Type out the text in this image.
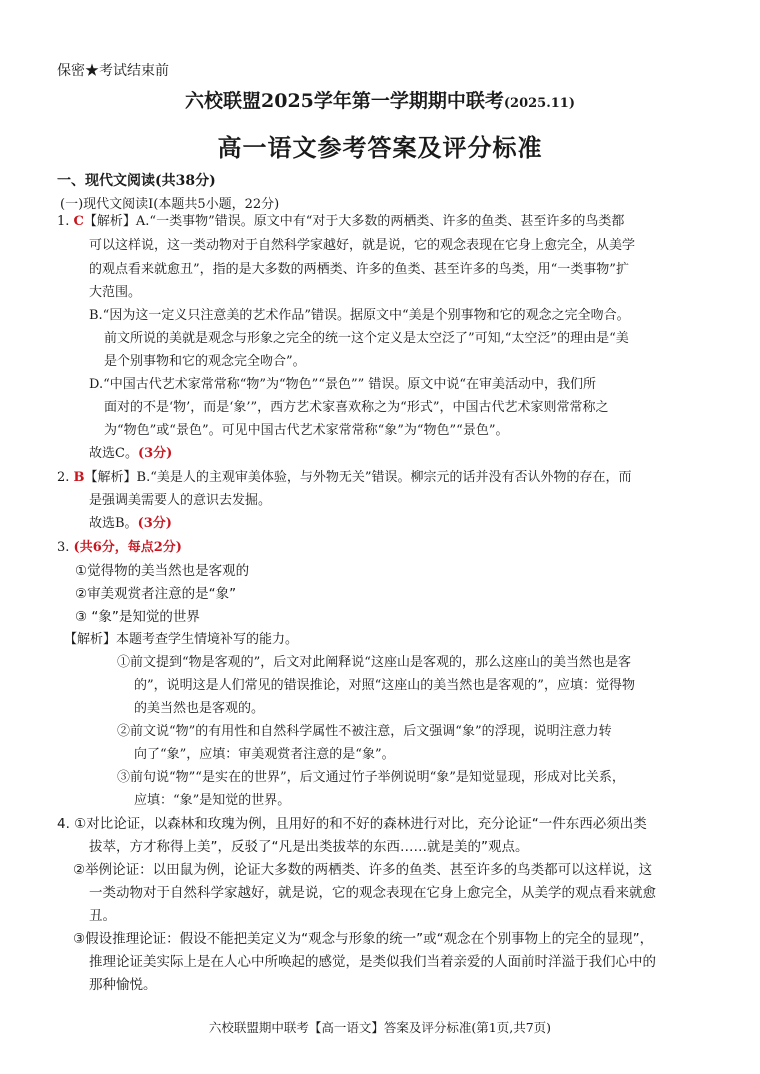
保密★考试结束前
六校联盟2025学年第一学期期中联考(2025.11)
高一语文参考答案及评分标准
一、现代文阅读(共38分)
(一)现代文阅读Ⅰ(本题共5小题，22分)
1. C【解析】A.“一类事物”错误。原文中有“对于大多数的两栖类、许多的鱼类、甚至许多的鸟类都
可以这样说，这一类动物对于自然科学家越好，就是说，它的观念表现在它身上愈完全，从美学
的观点看来就愈丑”，指的是大多数的两栖类、许多的鱼类、甚至许多的鸟类，用“一类事物”扩
大范围。
B.“因为这一定义只注意美的艺术作品”错误。据原文中“美是个别事物和它的观念之完全吻合。
前文所说的美就是观念与形象之完全的统一这个定义是太空泛了”可知,“太空泛”的理由是“美
是个别事物和它的观念完全吻合”。
D.“中国古代艺术家常常称“物”为“物色”“景色”” 错误。原文中说“在审美活动中，我们所
面对的不是‘物’，而是‘象’”，西方艺术家喜欢称之为“形式”，中国古代艺术家则常常称之
为“物色”或“景色”。可见中国古代艺术家常常称“象”为“物色”“景色”。
故选C。(3分)
2. B【解析】B.“美是人的主观审美体验，与外物无关”错误。柳宗元的话并没有否认外物的存在，而
是强调美需要人的意识去发掘。
故选B。(3分)
3. (共6分，每点2分)
①觉得物的美当然也是客观的
②审美观赏者注意的是“象”
③ “象”是知觉的世界
【解析】本题考查学生情境补写的能力。
①前文提到“物是客观的”，后文对此阐释说“这座山是客观的，那么这座山的美当然也是客
的”，说明这是人们常见的错误推论，对照“这座山的美当然也是客观的”，应填：觉得物
的美当然也是客观的。
②前文说“物”的有用性和自然科学属性不被注意，后文强调“象”的浮现，说明注意力转
向了“象”，应填：审美观赏者注意的是“象”。
③前句说“物”“是实在的世界”，后文通过竹子举例说明“象”是知觉显现，形成对比关系，
应填：“象”是知觉的世界。
4. ①对比论证，以森林和玫瑰为例，且用好的和不好的森林进行对比，充分论证“一件东西必须出类
拔萃，方才称得上美”，反驳了“凡是出类拔萃的东西……就是美的”观点。
②举例论证：以田鼠为例，论证大多数的两栖类、许多的鱼类、甚至许多的鸟类都可以这样说，这
一类动物对于自然科学家越好，就是说，它的观念表现在它身上愈完全，从美学的观点看来就愈
丑。
③假设推理论证：假设不能把美定义为“观念与形象的统一”或“观念在个别事物上的完全的显现”，
推理论证美实际上是在人心中所唤起的感觉，是类似我们当着亲爱的人面前时洋溢于我们心中的
那种愉悦。
六校联盟期中联考【高一语文】答案及评分标准(第1页,共7页)
